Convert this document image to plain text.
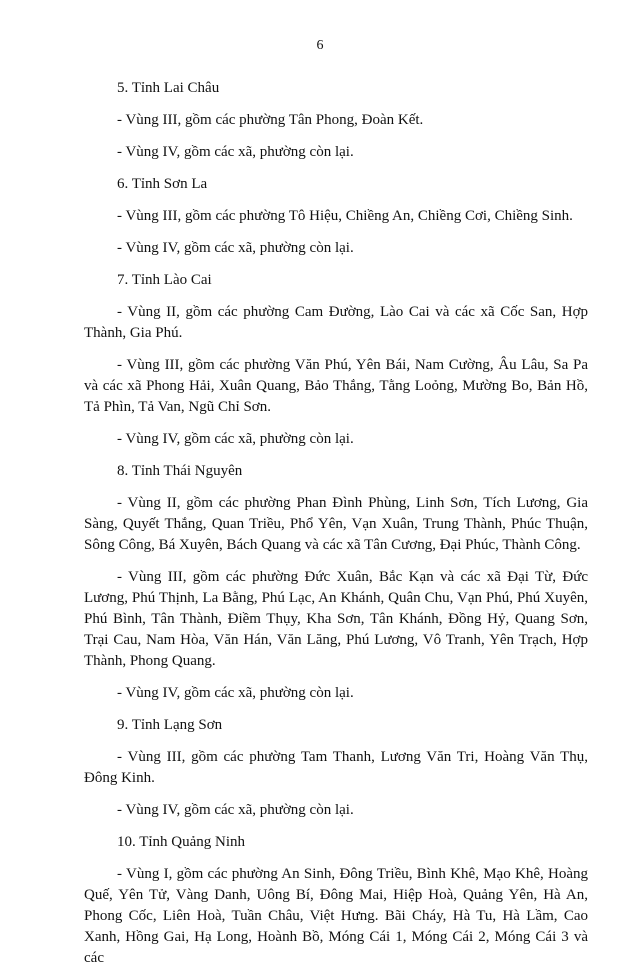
6

5. Tỉnh Lai Châu

- Vùng III, gồm các phường Tân Phong, Đoàn Kết.

- Vùng IV, gồm các xã, phường còn lại.

6. Tỉnh Sơn La

- Vùng III, gồm các phường Tô Hiệu, Chiềng An, Chiềng Cơi, Chiềng Sinh.

- Vùng IV, gồm các xã, phường còn lại.

7. Tỉnh Lào Cai

- Vùng II, gồm các phường Cam Đường, Lào Cai và các xã Cốc San, Hợp Thành, Gia Phú.

- Vùng III, gồm các phường Văn Phú, Yên Bái, Nam Cường, Âu Lâu, Sa Pa và các xã Phong Hải, Xuân Quang, Bảo Thắng, Tằng Loỏng, Mường Bo, Bản Hồ, Tả Phìn, Tả Van, Ngũ Chỉ Sơn.

- Vùng IV, gồm các xã, phường còn lại.

8. Tỉnh Thái Nguyên

- Vùng II, gồm các phường Phan Đình Phùng, Linh Sơn, Tích Lương, Gia Sàng, Quyết Thắng, Quan Triều, Phổ Yên, Vạn Xuân, Trung Thành, Phúc Thuận, Sông Công, Bá Xuyên, Bách Quang và các xã Tân Cương, Đại Phúc, Thành Công.

- Vùng III, gồm các phường Đức Xuân, Bắc Kạn và các xã Đại Từ, Đức Lương, Phú Thịnh, La Bằng, Phú Lạc, An Khánh, Quân Chu, Vạn Phú, Phú Xuyên, Phú Bình, Tân Thành, Điềm Thụy, Kha Sơn, Tân Khánh, Đồng Hỷ, Quang Sơn, Trại Cau, Nam Hòa, Văn Hán, Văn Lăng, Phú Lương, Vô Tranh, Yên Trạch, Hợp Thành, Phong Quang.

- Vùng IV, gồm các xã, phường còn lại.

9. Tỉnh Lạng Sơn

- Vùng III, gồm các phường Tam Thanh, Lương Văn Tri, Hoàng Văn Thụ, Đông Kinh.

- Vùng IV, gồm các xã, phường còn lại.

10. Tỉnh Quảng Ninh

- Vùng I, gồm các phường An Sinh, Đông Triều, Bình Khê, Mạo Khê, Hoàng Quế, Yên Tử, Vàng Danh, Uông Bí, Đông Mai, Hiệp Hoà, Quảng Yên, Hà An, Phong Cốc, Liên Hoà, Tuần Châu, Việt Hưng. Bãi Cháy, Hà Tu, Hà Lầm, Cao Xanh, Hồng Gai, Hạ Long, Hoành Bồ, Móng Cái 1, Móng Cái 2, Móng Cái 3 và các
